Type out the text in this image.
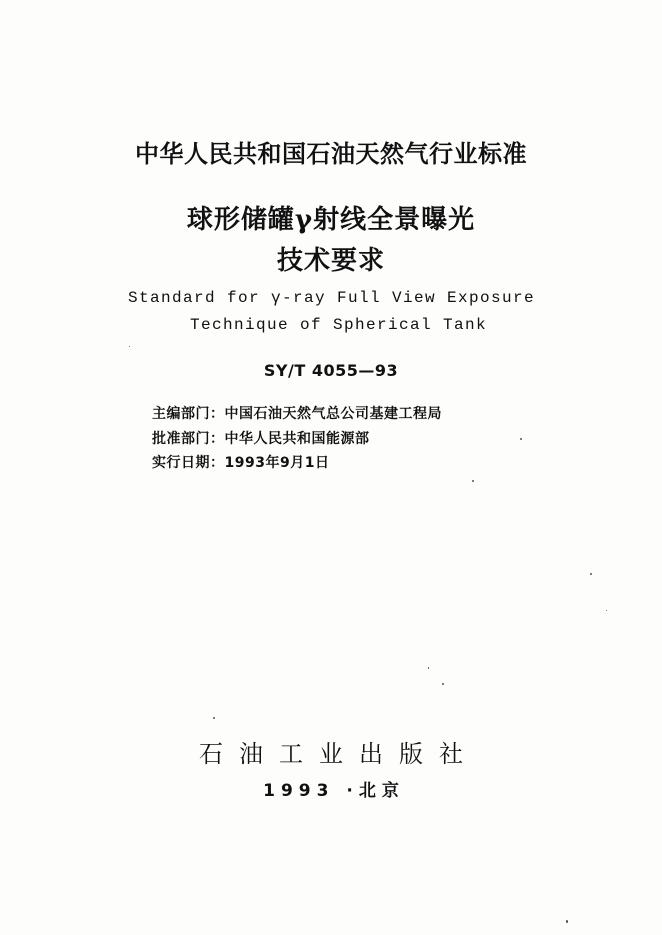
中华人民共和国石油天然气行业标准
球形储罐γ射线全景曝光
技术要求
Standard for γ-ray Full View Exposure
Technique of Spherical Tank
SY/T 4055—93
主编部门：中国石油天然气总公司基建工程局
批准部门：中华人民共和国能源部
实行日期：1993年9月1日
石油工业出版社
1993 ·北京
